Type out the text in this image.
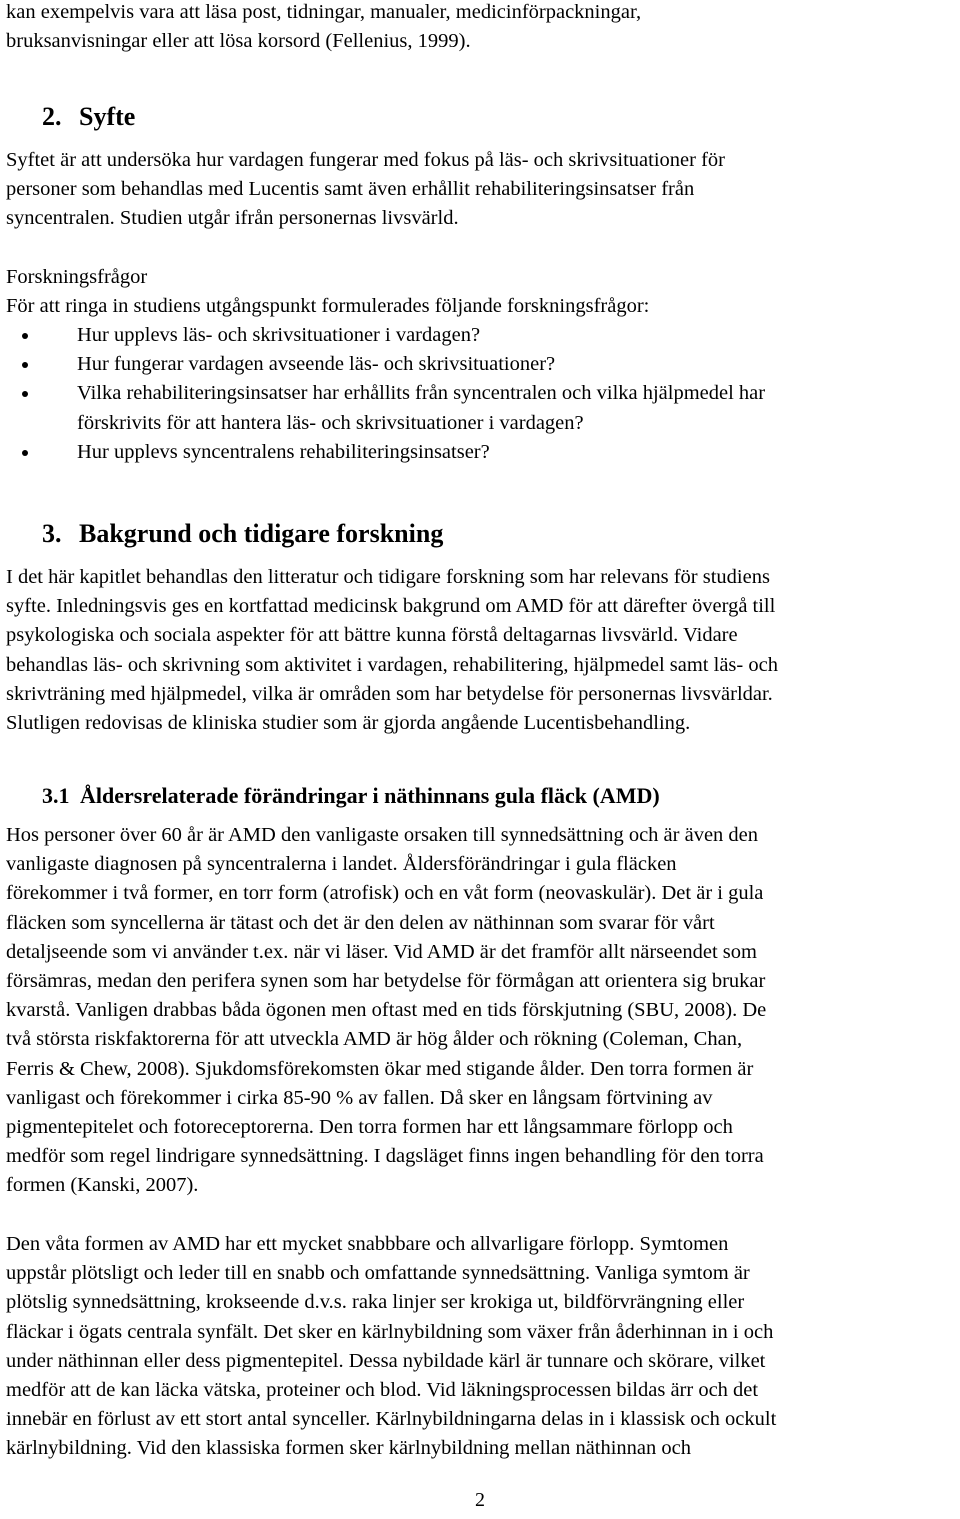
kan exempelvis vara att läsa post, tidningar, manualer, medicinförpackningar,
bruksanvisningar eller att lösa korsord (Fellenius, 1999).
2. Syfte
Syftet är att undersöka hur vardagen fungerar med fokus på läs- och skrivsituationer för
personer som behandlas med Lucentis samt även erhållit rehabiliteringsinsatser från
syncentralen. Studien utgår ifrån personernas livsvärld.
Forskningsfrågor
För att ringa in studiens utgångspunkt formulerades följande forskningsfrågor:
Hur upplevs läs- och skrivsituationer i vardagen?
Hur fungerar vardagen avseende läs- och skrivsituationer?
Vilka rehabiliteringsinsatser har erhållits från syncentralen och vilka hjälpmedel har
förskrivits för att hantera läs- och skrivsituationer i vardagen?
Hur upplevs syncentralens rehabiliteringsinsatser?
3. Bakgrund och tidigare forskning
I det här kapitlet behandlas den litteratur och tidigare forskning som har relevans för studiens
syfte. Inledningsvis ges en kortfattad medicinsk bakgrund om AMD för att därefter övergå till
psykologiska och sociala aspekter för att bättre kunna förstå deltagarnas livsvärld. Vidare
behandlas läs- och skrivning som aktivitet i vardagen, rehabilitering, hjälpmedel samt läs- och
skrivträning med hjälpmedel, vilka är områden som har betydelse för personernas livsvärldar.
Slutligen redovisas de kliniska studier som är gjorda angående Lucentisbehandling.
3.1 Åldersrelaterade förändringar i näthinnans gula fläck (AMD)
Hos personer över 60 år är AMD den vanligaste orsaken till synnedsättning och är även den
vanligaste diagnosen på syncentralerna i landet. Åldersförändringar i gula fläcken
förekommer i två former, en torr form (atrofisk) och en våt form (neovaskulär). Det är i gula
fläcken som syncellerna är tätast och det är den delen av näthinnan som svarar för vårt
detaljseende som vi använder t.ex. när vi läser. Vid AMD är det framför allt närseendet som
försämras, medan den perifera synen som har betydelse för förmågan att orientera sig brukar
kvarstå. Vanligen drabbas båda ögonen men oftast med en tids förskjutning (SBU, 2008). De
två största riskfaktorerna för att utveckla AMD är hög ålder och rökning (Coleman, Chan,
Ferris & Chew, 2008). Sjukdomsförekomsten ökar med stigande ålder. Den torra formen är
vanligast och förekommer i cirka 85-90 % av fallen. Då sker en långsam förtvining av
pigmentepitelet och fotoreceptorerna. Den torra formen har ett långsammare förlopp och
medför som regel lindrigare synnedsättning. I dagsläget finns ingen behandling för den torra
formen (Kanski, 2007).
Den våta formen av AMD har ett mycket snabbbare och allvarligare förlopp. Symtomen
uppstår plötsligt och leder till en snabb och omfattande synnedsättning. Vanliga symtom är
plötslig synnedsättning, krokseende d.v.s. raka linjer ser krokiga ut, bildförvrängning eller
fläckar i ögats centrala synfält. Det sker en kärlnybildning som växer från åderhinnan in i och
under näthinnan eller dess pigmentepitel. Dessa nybildade kärl är tunnare och skörare, vilket
medför att de kan läcka vätska, proteiner och blod. Vid läkningsprocessen bildas ärr och det
innebär en förlust av ett stort antal synceller. Kärlnybildningarna delas in i klassisk och ockult
kärlnybildning. Vid den klassiska formen sker kärlnybildning mellan näthinnan och
2
